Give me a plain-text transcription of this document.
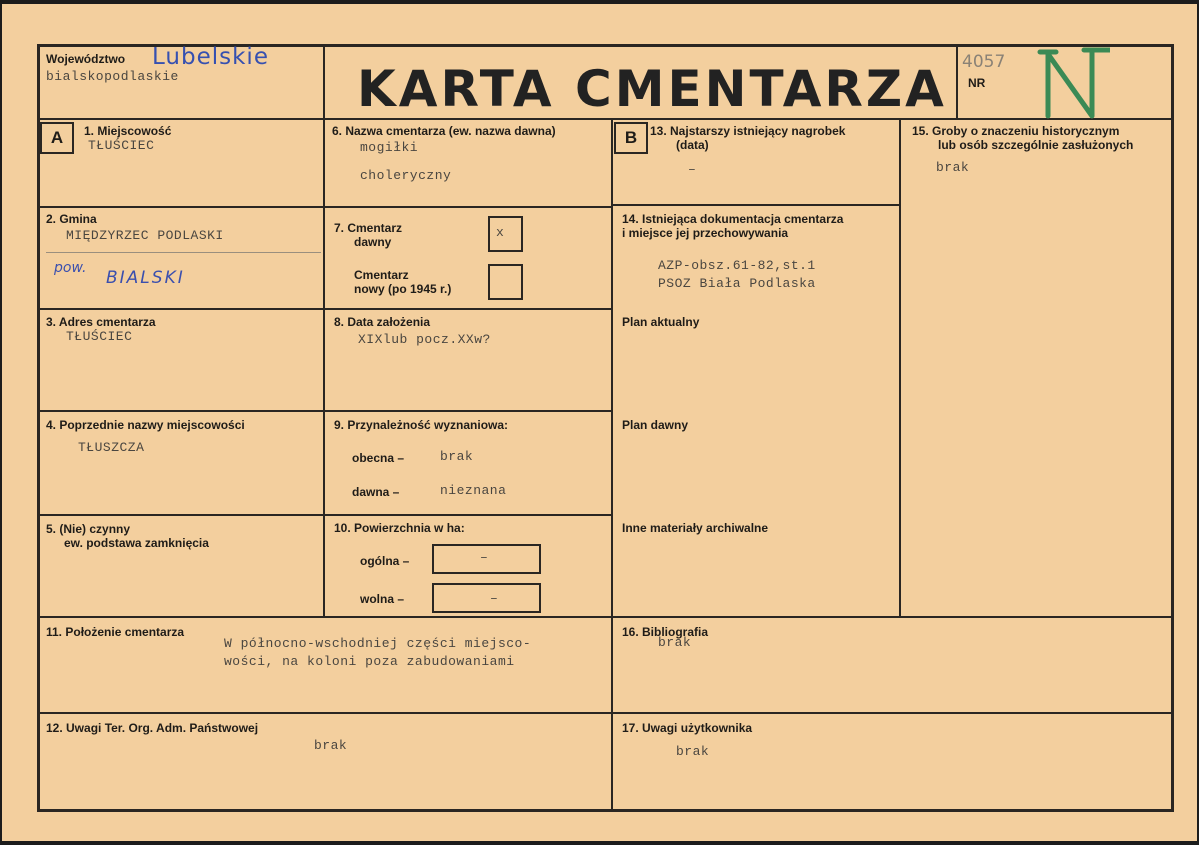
Województwo Lubelskie
bialskopodlaskie	KARTA CMENTARZA 4057
NR
A	B
1. Miejscowość
TŁUŚCIEC
2. Gmina
MIĘDZYRZEC PODLASKI
pow. BIALSKI
3. Adres cmentarza
TŁUŚCIEC
4. Poprzednie nazwy miejscowości
TŁUSZCZA
5. (Nie) czynny
ew. podstawa zamknięcia
6. Nazwa cmentarza (ew. nazwa dawna)
mogiłki
choleryczny
7. Cmentarz
dawny
x
Cmentarz
nowy (po 1945 r.)
8. Data założenia
XIXlub pocz.XXw?
9. Przynależność wyznaniowa:
obecna –	brak
dawna –	nieznana
10. Powierzchnia w ha:
ogólna –	–
wolna –	–
13. Najstarszy istniejący nagrobek
(data)
–
14. Istniejąca dokumentacja cmentarza
i miejsce jej przechowywania
AZP-obsz.61-82,st.1
PSOZ Biała Podlaska
Plan aktualny
Plan dawny
Inne materiały archiwalne
15. Groby o znaczeniu historycznym
lub osób szczególnie zasłużonych
brak
11. Położenie cmentarza
W północno-wschodniej części miejsco-
wości, na koloni poza zabudowaniami
16. Bibliografia
brak
12. Uwagi Ter. Org. Adm. Państwowej
brak
17. Uwagi użytkownika
brak
